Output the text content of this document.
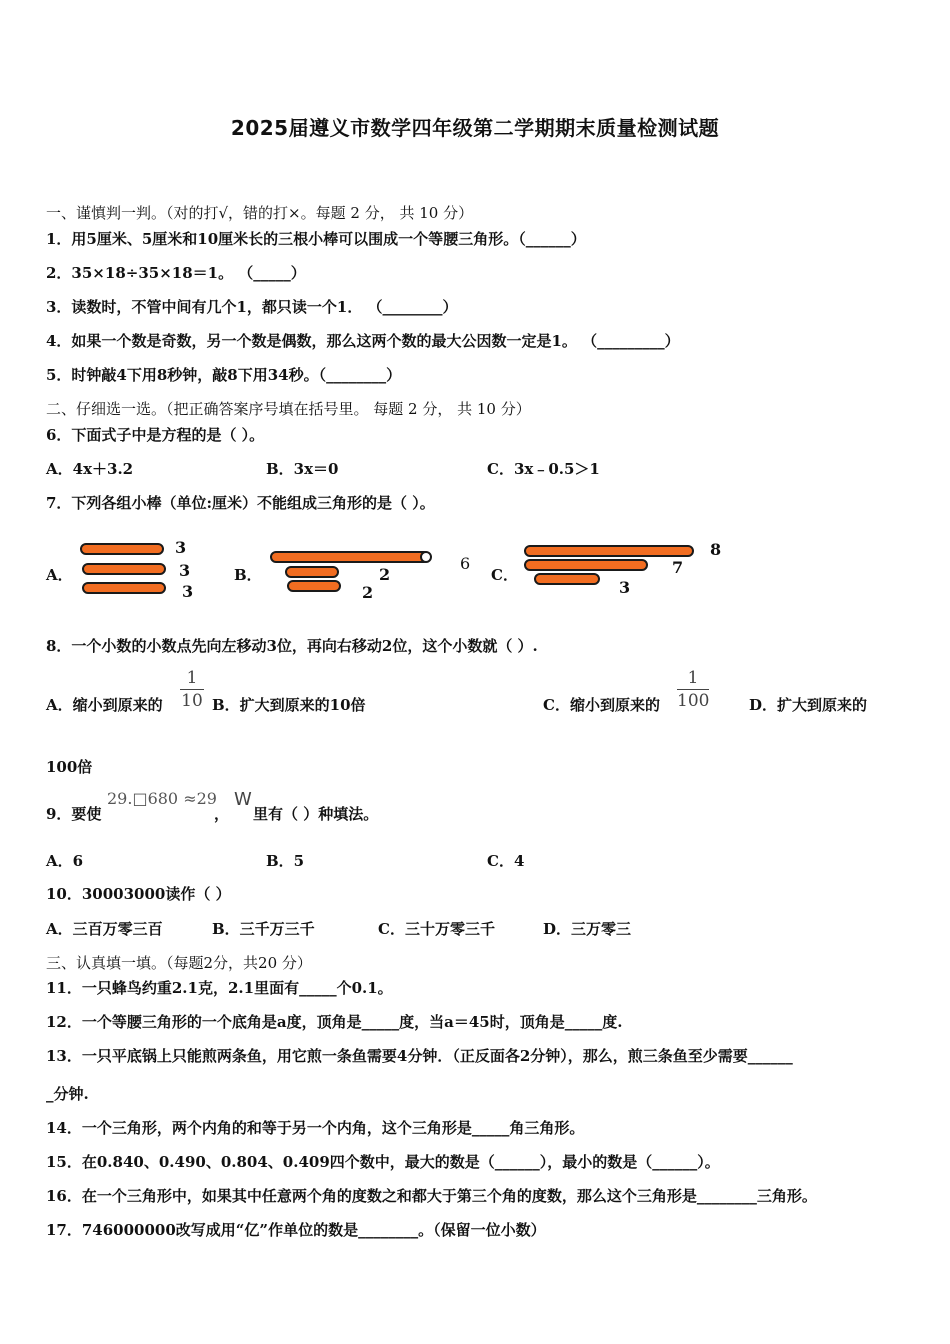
2025届遵义市数学四年级第二学期期末质量检测试题
一、谨慎判一判。（对的打√，错的打×。每题 2 分， 共 10 分）
1．用5厘米、5厘米和10厘米长的三根小棒可以围成一个等腰三角形。（______）
2．35×18÷35×18＝1。 （_____）
3．读数时，不管中间有几个1，都只读一个1． （________）
4．如果一个数是奇数，另一个数是偶数，那么这两个数的最大公因数一定是1。 （_________）
5．时钟敲4下用8秒钟，敲8下用34秒。（________）
二、仔细选一选。（把正确答案序号填在括号里。 每题 2 分， 共 10 分）
6．下面式子中是方程的是（ ）。
A．4x＋3.2	B．3x＝0	C．3x﹣0.5＞1
7．下列各组小棒（单位:厘米）不能组成三角形的是（ ）。
A．
3
3
3
B．
6
2
2
C．
8
7
3
8．一个小数的小数点先向左移动3位，再向右移动2位，这个小数就（ ）.
A．缩小到原来的
1
10 B．扩大到原来的10倍	C．缩小到原来的
1
100	D．扩大到原来的
100倍
9．要使
29.□680 ≈29
，
W
里有（ ）种填法。
A．6	B．5	C．4
10．30003000读作（ ）
A．三百万零三百	B．三千万三千	C．三十万零三千	D．三万零三
三、认真填一填。（每题2分，共20 分）
11．一只蜂鸟约重2.1克，2.1里面有_____个0.1。
12．一个等腰三角形的一个底角是a度，顶角是_____度，当a＝45时，顶角是_____度.
13．一只平底锅上只能煎两条鱼，用它煎一条鱼需要4分钟．（正反面各2分钟），那么，煎三条鱼至少需要______
_分钟.
14．一个三角形，两个内角的和等于另一个内角，这个三角形是_____角三角形。
15．在0.840、0.490、0.804、0.409四个数中，最大的数是（______），最小的数是（______）。
16．在一个三角形中，如果其中任意两个角的度数之和都大于第三个角的度数，那么这个三角形是________三角形。
17．746000000改写成用“亿”作单位的数是________。（保留一位小数）
